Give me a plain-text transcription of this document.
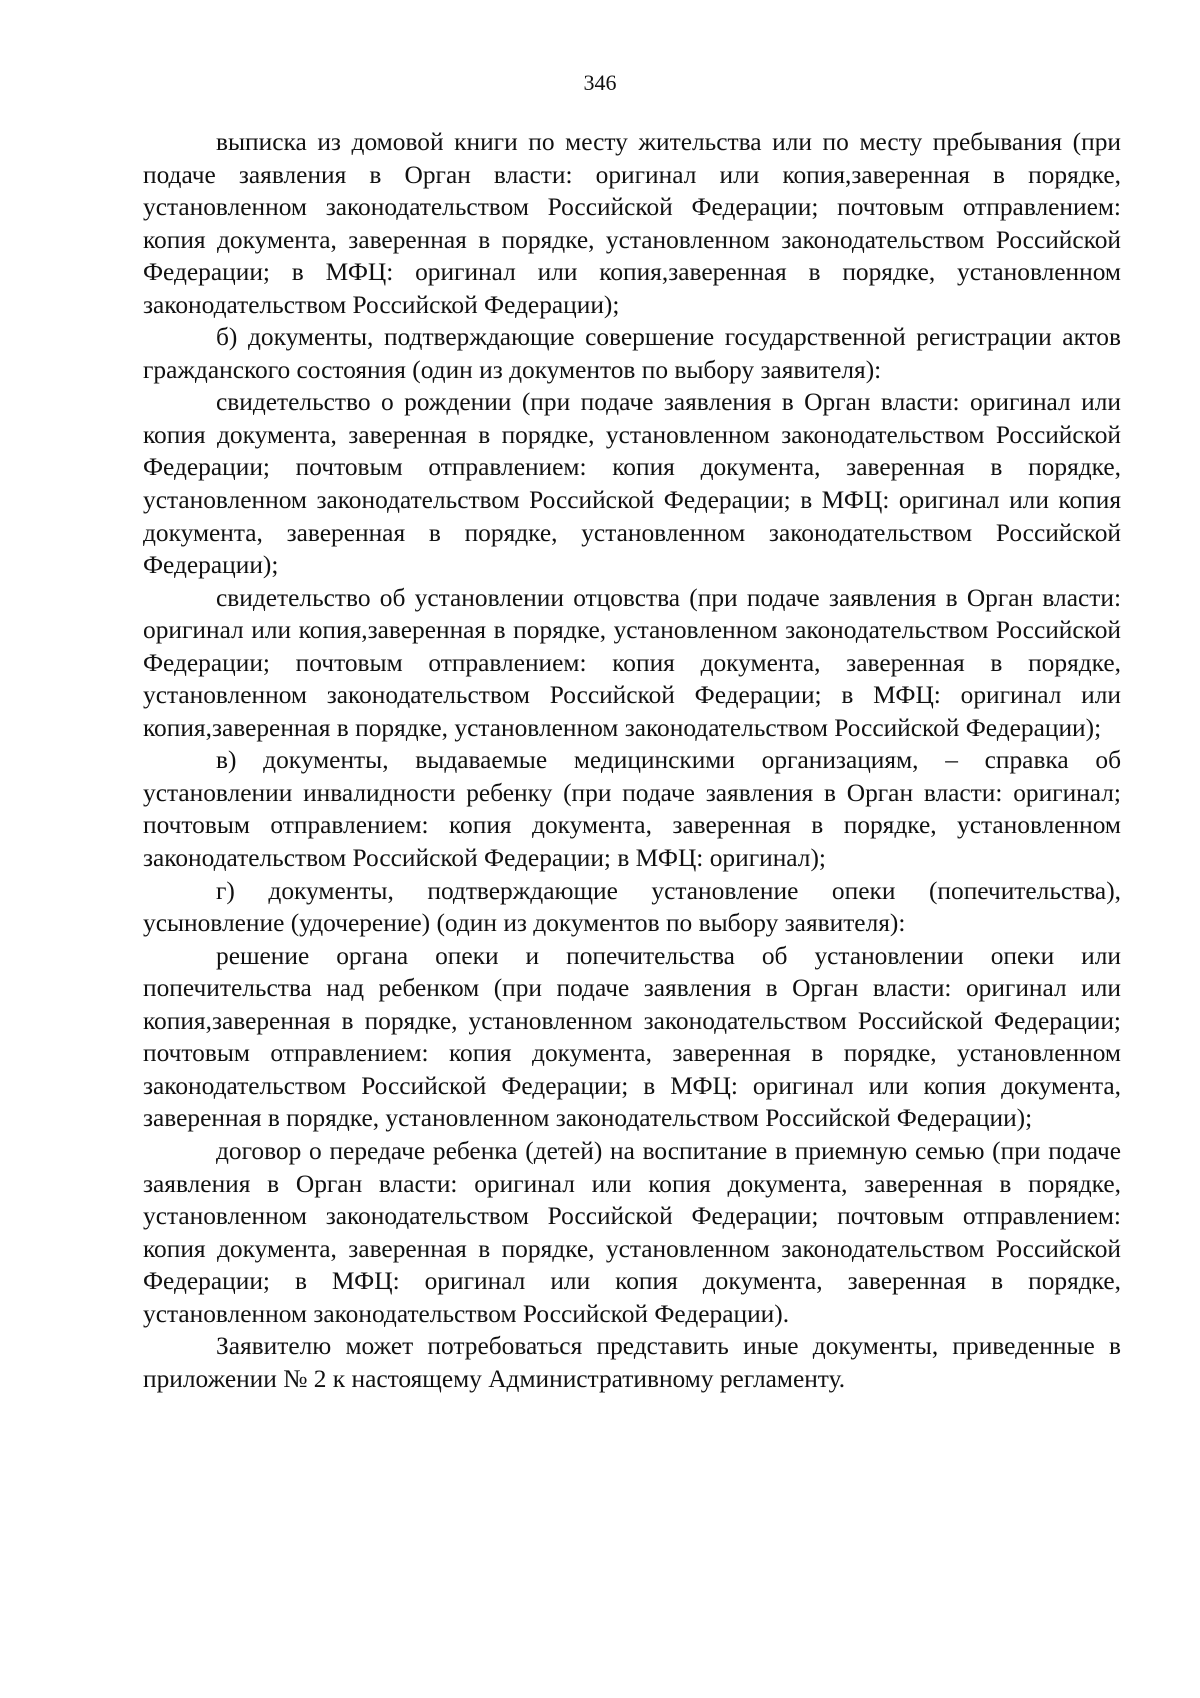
346

выписка из домовой книги по месту жительства или по месту пребывания (при подаче заявления в Орган власти: оригинал или копия,заверенная в порядке, установленном законодательством Российской Федерации; почтовым отправлением: копия документа, заверенная в порядке, установленном законодательством Российской Федерации; в МФЦ: оригинал или копия,заверенная в порядке, установленном законодательством Российской Федерации);

б) документы, подтверждающие совершение государственной регистрации актов гражданского состояния (один из документов по выбору заявителя):

свидетельство о рождении (при подаче заявления в Орган власти: оригинал или копия документа, заверенная в порядке, установленном законодательством Российской Федерации; почтовым отправлением: копия документа, заверенная в порядке, установленном законодательством Российской Федерации; в МФЦ: оригинал или копия документа, заверенная в порядке, установленном законодательством Российской Федерации);

свидетельство об установлении отцовства (при подаче заявления в Орган власти: оригинал или копия,заверенная в порядке, установленном законодательством Российской Федерации; почтовым отправлением: копия документа, заверенная в порядке, установленном законодательством Российской Федерации; в МФЦ: оригинал или копия,заверенная в порядке, установленном законодательством Российской Федерации);

в) документы, выдаваемые медицинскими организациям, – справка об установлении инвалидности ребенку (при подаче заявления в Орган власти: оригинал; почтовым отправлением: копия документа, заверенная в порядке, установленном законодательством Российской Федерации; в МФЦ: оригинал);

г) документы, подтверждающие установление опеки (попечительства), усыновление (удочерение) (один из документов по выбору заявителя):

решение органа опеки и попечительства об установлении опеки или попечительства над ребенком (при подаче заявления в Орган власти: оригинал или копия,заверенная в порядке, установленном законодательством Российской Федерации; почтовым отправлением: копия документа, заверенная в порядке, установленном законодательством Российской Федерации; в МФЦ: оригинал или копия документа, заверенная в порядке, установленном законодательством Российской Федерации);

договор о передаче ребенка (детей) на воспитание в приемную семью (при подаче заявления в Орган власти: оригинал или копия документа, заверенная в порядке, установленном законодательством Российской Федерации; почтовым отправлением: копия документа, заверенная в порядке, установленном законодательством Российской Федерации; в МФЦ: оригинал или копия документа, заверенная в порядке, установленном законодательством Российской Федерации).

Заявителю может потребоваться представить иные документы, приведенные в приложении № 2 к настоящему Административному регламенту.
